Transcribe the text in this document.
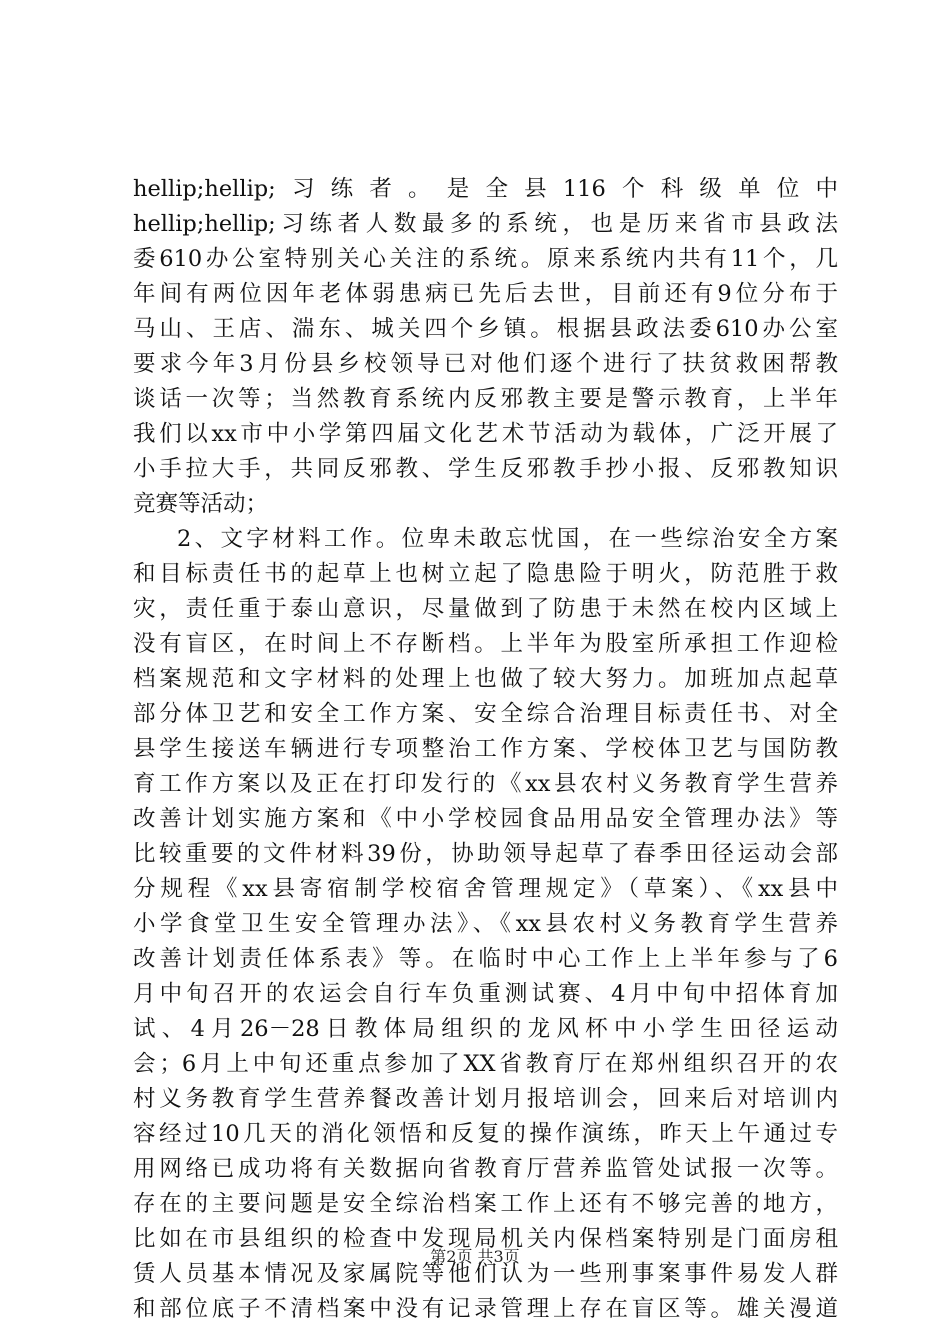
hellip;hellip;习练者。是全县116个科级单位中
hellip;hellip;习练者人数最多的系统，也是历来省市县政法
委610办公室特别关心关注的系统。原来系统内共有11个，几
年间有两位因年老体弱患病已先后去世，目前还有9位分布于
马山、王店、湍东、城关四个乡镇。根据县政法委610办公室
要求今年3月份县乡校领导已对他们逐个进行了扶贫救困帮教
谈话一次等；当然教育系统内反邪教主要是警示教育，上半年
我们以xx市中小学第四届文化艺术节活动为载体，广泛开展了
小手拉大手，共同反邪教、学生反邪教手抄小报、反邪教知识
竞赛等活动；
2、文字材料工作。位卑未敢忘忧国，在一些综治安全方案
和目标责任书的起草上也树立起了隐患险于明火，防范胜于救
灾，责任重于泰山意识，尽量做到了防患于未然在校内区域上
没有盲区，在时间上不存断档。上半年为股室所承担工作迎检
档案规范和文字材料的处理上也做了较大努力。加班加点起草
部分体卫艺和安全工作方案、安全综合治理目标责任书、对全
县学生接送车辆进行专项整治工作方案、学校体卫艺与国防教
育工作方案以及正在打印发行的《xx县农村义务教育学生营养
改善计划实施方案和《中小学校园食品用品安全管理办法》等
比较重要的文件材料39份，协助领导起草了春季田径运动会部
分规程《xx县寄宿制学校宿舍管理规定》（草案）、《xx县中
小学食堂卫生安全管理办法》、《xx县农村义务教育学生营养
改善计划责任体系表》等。在临时中心工作上上半年参与了6
月中旬召开的农运会自行车负重测试赛、4月中旬中招体育加
试、4月26－28日教体局组织的龙风杯中小学生田径运动
会；6月上中旬还重点参加了XX省教育厅在郑州组织召开的农
村义务教育学生营养餐改善计划月报培训会，回来后对培训内
容经过10几天的消化领悟和反复的操作演练，昨天上午通过专
用网络已成功将有关数据向省教育厅营养监管处试报一次等。
存在的主要问题是安全综治档案工作上还有不够完善的地方，
比如在市县组织的检查中发现局机关内保档案特别是门面房租
赁人员基本情况及家属院等他们认为一些刑事案事件易发人群
和部位底子不清档案中没有记录管理上存在盲区等。雄关漫道
第2页 共3页
